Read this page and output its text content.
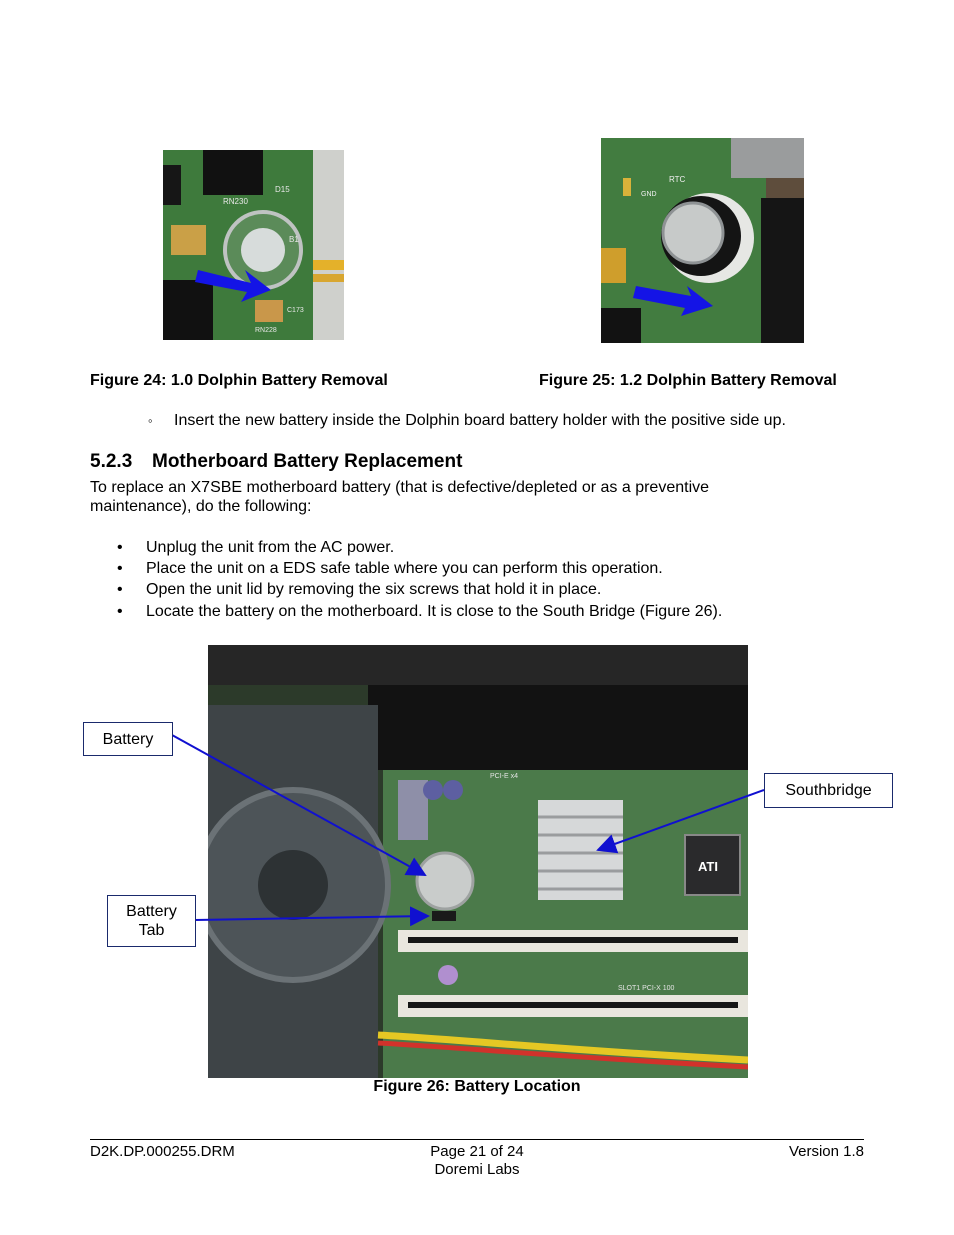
RN230
D15
B1
C173
RN228
RTC
GND
Figure 24: 1.0 Dolphin Battery Removal	Figure 25: 1.2 Dolphin Battery Removal
◦ Insert the new battery inside the Dolphin board battery holder with the positive side up.
5.2.3 Motherboard Battery Replacement
To replace an X7SBE motherboard battery (that is defective/depleted or as a preventive maintenance), do the following:
• Unplug the unit from the AC power.
• Place the unit on a EDS safe table where you can perform this operation.
• Open the unit lid by removing the six screws that hold it in place.
• Locate the battery on the motherboard. It is close to the South Bridge (Figure 26).
ATI
PCI-E x4
SLOT1 PCI-X 100
Battery
Battery
Tab
Southbridge
Figure 26: Battery Location
D2K.DP.000255.DRM	Page 21 of 24
Doremi Labs
Version 1.8
